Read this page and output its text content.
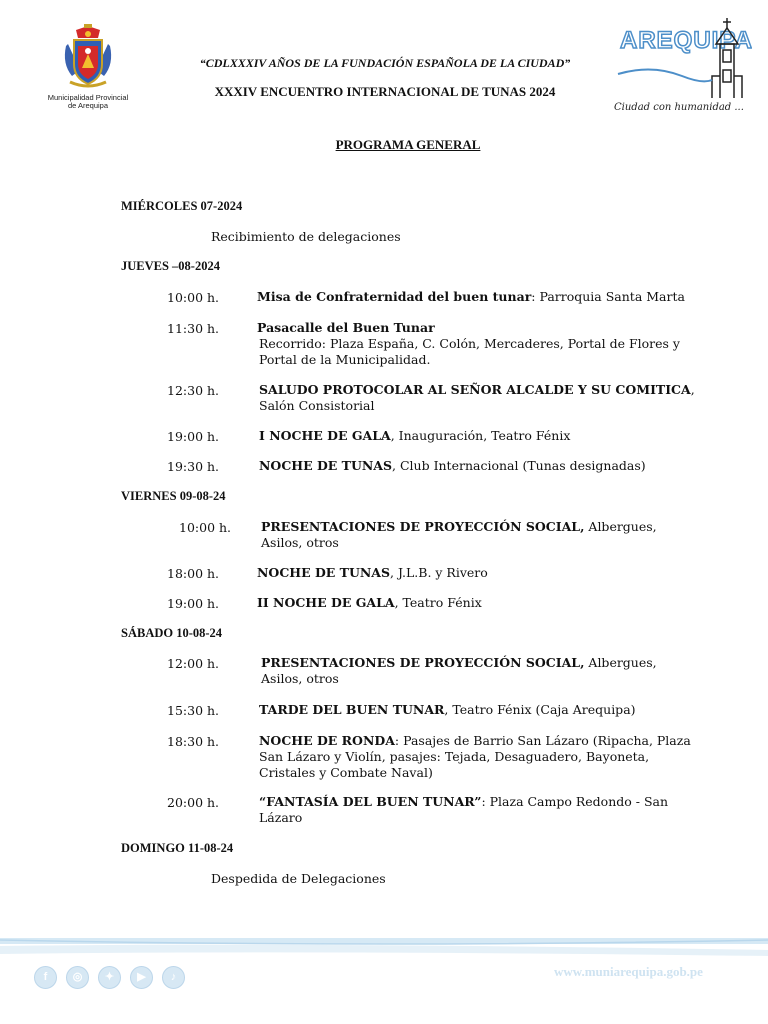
Municipalidad Provincial
de Arequipa
“CDLXXXIV AÑOS DE LA FUNDACIÓN ESPAÑOLA DE LA CIUDAD”
XXXIV ENCUENTRO INTERNACIONAL DE TUNAS 2024
AREQUIPA
Ciudad con humanidad ...
PROGRAMA GENERAL
MIÉRCOLES 07-2024
Recibimiento de delegaciones
JUEVES –08-2024
10:00 h.	Misa de Confraternidad del buen tunar: Parroquia Santa Marta
11:30 h.	Pasacalle del Buen Tunar
Recorrido: Plaza España, C. Colón, Mercaderes, Portal de Flores y Portal de la Municipalidad.
12:30 h.	SALUDO PROTOCOLAR AL SEÑOR ALCALDE Y SU COMITICA, Salón Consistorial
19:00 h.	I NOCHE DE GALA, Inauguración, Teatro Fénix
19:30 h.	NOCHE DE TUNAS, Club Internacional (Tunas designadas)
VIERNES 09-08-24
10:00 h. PRESENTACIONES DE PROYECCIÓN SOCIAL, Albergues, Asilos, otros
18:00 h.	NOCHE DE TUNAS, J.L.B. y Rivero
19:00 h.	II NOCHE DE GALA, Teatro Fénix
SÁBADO 10-08-24
12:00 h.	PRESENTACIONES DE PROYECCIÓN SOCIAL, Albergues, Asilos, otros
15:30 h.	TARDE DEL BUEN TUNAR, Teatro Fénix (Caja Arequipa)
18:30 h.	NOCHE DE RONDA: Pasajes de Barrio San Lázaro (Ripacha, Plaza San Lázaro y Violín, pasajes: Tejada, Desaguadero, Bayoneta, Cristales y Combate Naval)
20:00 h.	“FANTASÍA DEL BUEN TUNAR”: Plaza Campo Redondo - San Lázaro
DOMINGO 11-08-24
Despedida de Delegaciones
f	◎	✦	▶	♪	www.muniarequipa.gob.pe
